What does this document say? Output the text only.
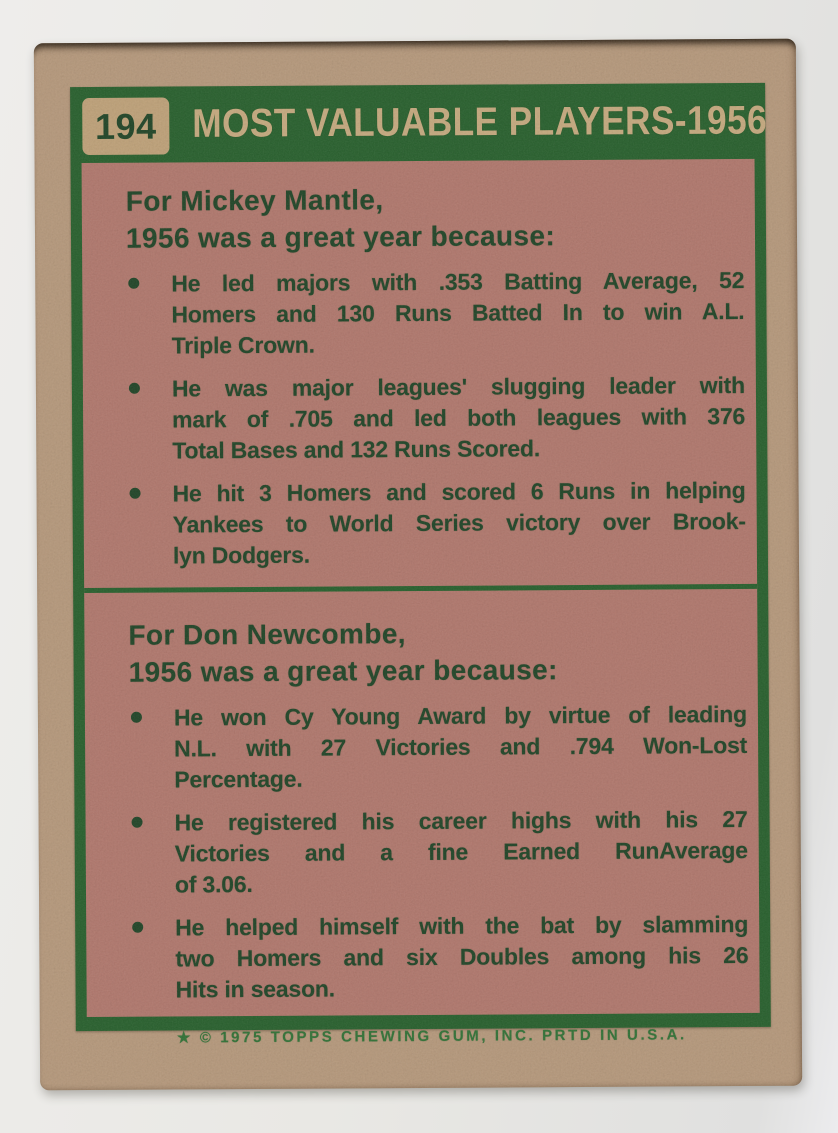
194 MOST VALUABLE PLAYERS-1956
For Mickey Mantle,
1956 was a great year because:
He led majors with .353 Batting Average, 52
Homers and 130 Runs Batted In to win A.L.
Triple Crown.
He was major leagues' slugging leader with
mark of .705 and led both leagues with 376
Total Bases and 132 Runs Scored.
He hit 3 Homers and scored 6 Runs in helping
Yankees to World Series victory over Brook-
lyn Dodgers.
For Don Newcombe,
1956 was a great year because:
He won Cy Young Award by virtue of leading
N.L. with 27 Victories and .794 Won-Lost
Percentage.
He registered his career highs with his 27
Victories and a fine Earned RunAverage
of 3.06.
He helped himself with the bat by slamming
two Homers and six Doubles among his 26
Hits in season.
★ © 1975 TOPPS CHEWING GUM, INC. PRTD IN U.S.A.
